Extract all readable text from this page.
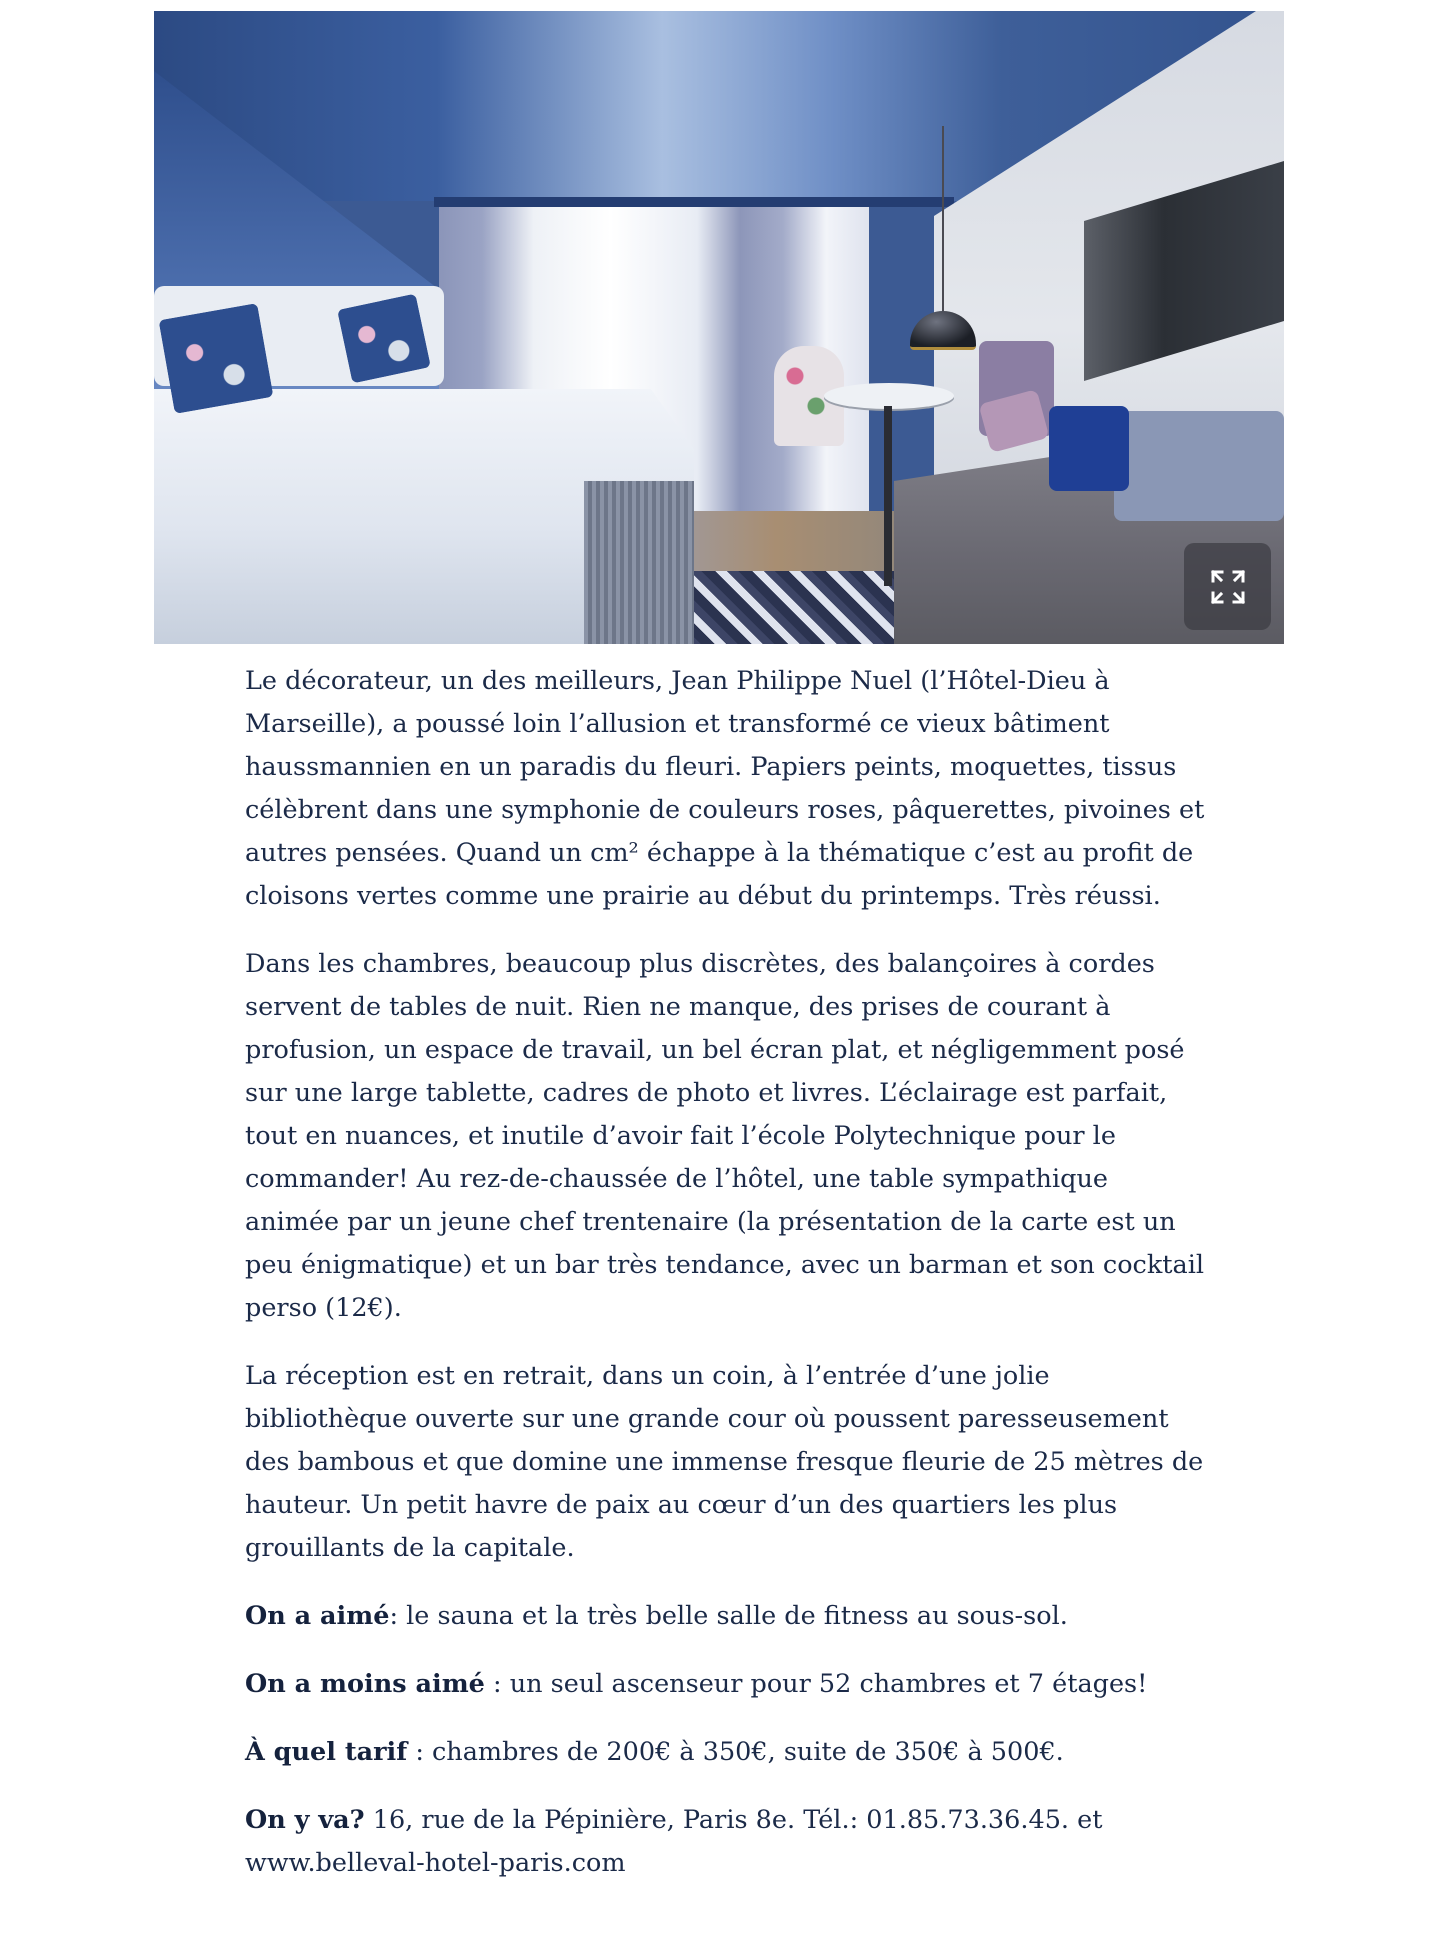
Le décorateur, un des meilleurs, Jean Philippe Nuel (l’Hôtel-Dieu à Marseille), a poussé loin l’allusion et transformé ce vieux bâtiment haussmannien en un paradis du fleuri. Papiers peints, moquettes, tissus célèbrent dans une symphonie de couleurs roses, pâquerettes, pivoines et autres pensées. Quand un cm² échappe à la thématique c’est au profit de cloisons vertes comme une prairie au début du printemps. Très réussi.

Dans les chambres, beaucoup plus discrètes, des balançoires à cordes servent de tables de nuit. Rien ne manque, des prises de courant à profusion, un espace de travail, un bel écran plat, et négligemment posé sur une large tablette, cadres de photo et livres. L’éclairage est parfait, tout en nuances, et inutile d’avoir fait l’école Polytechnique pour le commander! Au rez-de-chaussée de l’hôtel, une table sympathique animée par un jeune chef trentenaire (la présentation de la carte est un peu énigmatique) et un bar très tendance, avec un barman et son cocktail perso (12€).

La réception est en retrait, dans un coin, à l’entrée d’une jolie bibliothèque ouverte sur une grande cour où poussent paresseusement des bambous et que domine une immense fresque fleurie de 25 mètres de hauteur. Un petit havre de paix au cœur d’un des quartiers les plus grouillants de la capitale.

On a aimé: le sauna et la très belle salle de fitness au sous-sol.

On a moins aimé : un seul ascenseur pour 52 chambres et 7 étages!

À quel tarif : chambres de 200€ à 350€, suite de 350€ à 500€.

On y va? 16, rue de la Pépinière, Paris 8e. Tél.: 01.85.73.36.45. et www.belleval-hotel-paris.com
